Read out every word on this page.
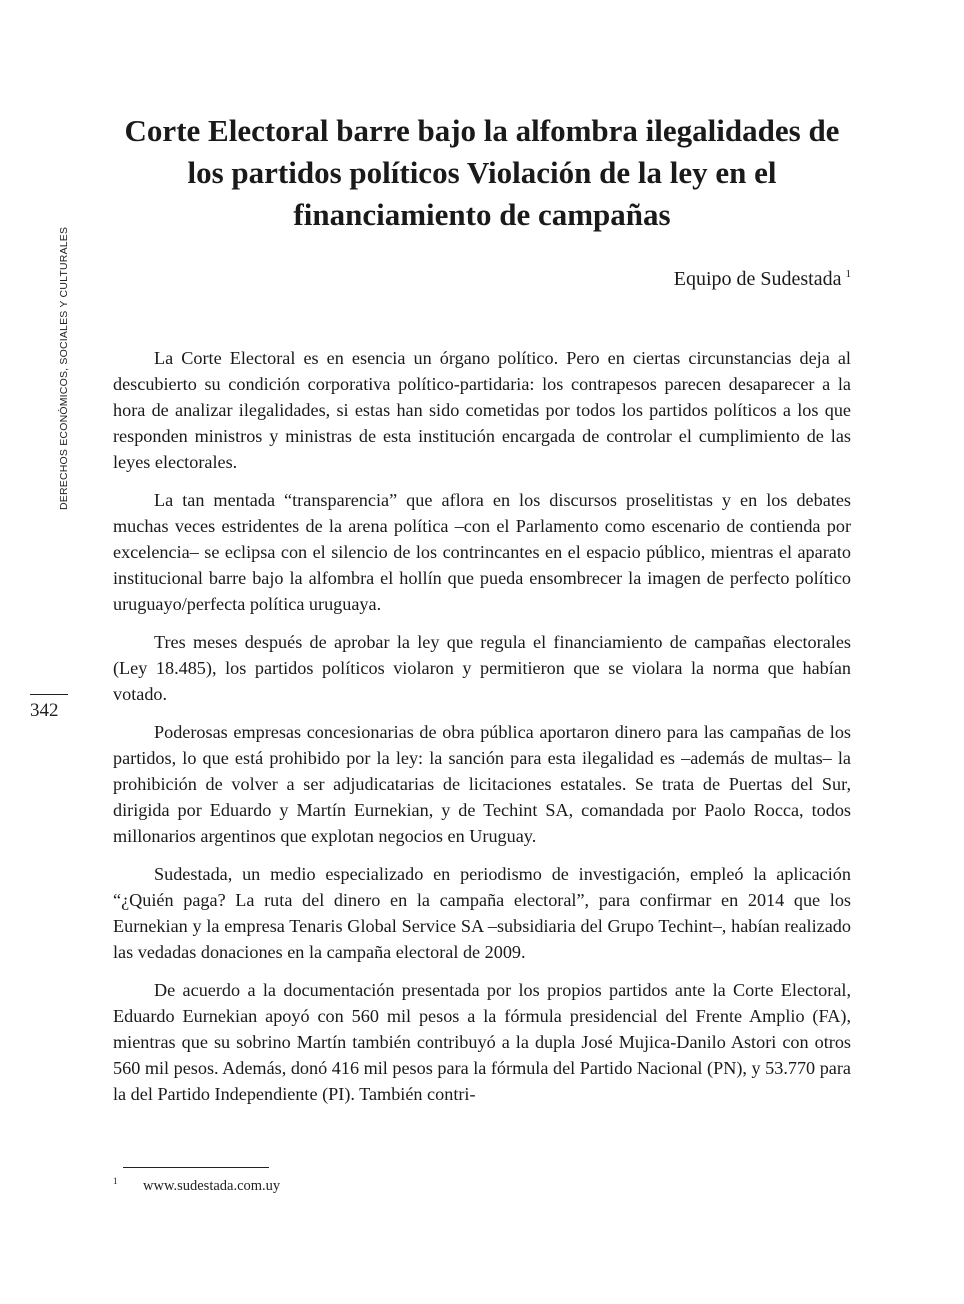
DERECHOS ECONÓMICOS, SOCIALES Y CULTURALES
342
Corte Electoral barre bajo la alfombra ilegalidades de los partidos políticos Violación de la ley en el financiamiento de campañas
Equipo de Sudestada $^1$

La Corte Electoral es en esencia un órgano político. Pero en ciertas circunstancias deja al descubierto su condición corporativa político-partidaria: los contrapesos parecen desaparecer a la hora de analizar ilegalidades, si estas han sido cometidas por todos los partidos políticos a los que responden ministros y ministras de esta institución encargada de controlar el cumplimiento de las leyes electorales.

La tan mentada “transparencia” que aflora en los discursos proselitistas y en los debates muchas veces estridentes de la arena política –con el Parlamento como escenario de contienda por excelencia– se eclipsa con el silencio de los contrincantes en el espacio público, mientras el aparato institucional barre bajo la alfombra el hollín que pueda ensombrecer la imagen de perfecto político uruguayo/perfecta política uruguaya.

Tres meses después de aprobar la ley que regula el financiamiento de campañas electorales (Ley 18.485), los partidos políticos violaron y permitieron que se violara la norma que habían votado.

Poderosas empresas concesionarias de obra pública aportaron dinero para las campañas de los partidos, lo que está prohibido por la ley: la sanción para esta ilegalidad es –además de multas– la prohibición de volver a ser adjudicatarias de licitaciones estatales. Se trata de Puertas del Sur, dirigida por Eduardo y Martín Eurnekian, y de Techint SA, comandada por Paolo Rocca, todos millonarios argentinos que explotan negocios en Uruguay.

Sudestada, un medio especializado en periodismo de investigación, empleó la aplicación “¿Quién paga? La ruta del dinero en la campaña electoral”, para confirmar en 2014 que los Eurnekian y la empresa Tenaris Global Service SA –subsidiaria del Grupo Techint–, habían realizado las vedadas donaciones en la campaña electoral de 2009.

De acuerdo a la documentación presentada por los propios partidos ante la Corte Electoral, Eduardo Eurnekian apoyó con 560 mil pesos a la fórmula presidencial del Frente Amplio (FA), mientras que su sobrino Martín también contribuyó a la dupla José Mujica-Danilo Astori con otros 560 mil pesos. Además, donó 416 mil pesos para la fórmula del Partido Nacional (PN), y 53.770 para la del Partido Independiente (PI). También contri-

1 www.sudestada.com.uy
